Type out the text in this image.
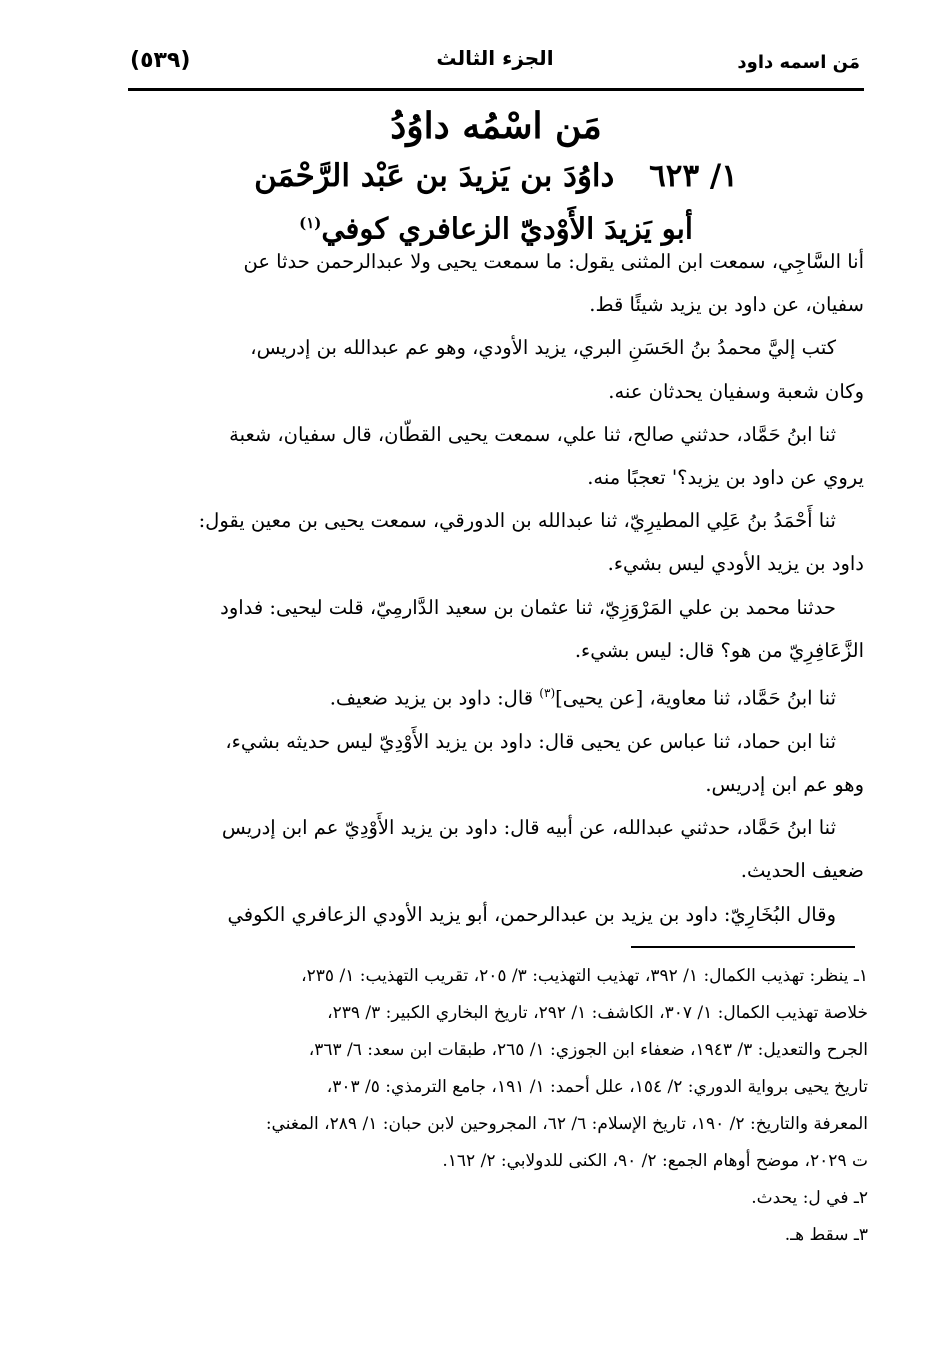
مَن اسمه داود
الجزء الثالث
(٥٣٩)
مَن اسْمُه داوُدُ
١/ ٦٢٣ داوُدَ بن يَزيدَ بن عَبْد الرَّحْمَن
أبو يَزيدَ الأَوْديّ الزعافري كوفي$^{(١)}$

أنا السَّاجِي، سمعت ابن المثنى يقول: ما سمعت يحيى ولا عبدالرحمن حدثا عن
سفيان، عن داود بن يزيد شيئًا قط.

كتب إليَّ محمدُ بنُ الحَسَنِ البري، يزيد الأودي، وهو عم عبدالله بن إدريس،
وكان شعبة وسفيان يحدثان عنه.

ثنا ابنُ حَمَّاد، حدثني صالح، ثنا علي، سمعت يحيى القطّان، قال سفيان، شعبة
يروي عن داود بن يزيد؟' تعجبًا منه.

ثنا أَحْمَدُ بنُ عَلِي المطيرِيّ، ثنا عبدالله بن الدورقي، سمعت يحيى بن معين يقول:
داود بن يزيد الأودي ليس بشيء.

حدثنا محمد بن علي المَرْوَزِيّ، ثنا عثمان بن سعيد الدَّارمِيّ، قلت ليحيى: فداود
الزَّعَافِرِيّ من هو؟ قال: ليس بشيء.

ثنا ابنُ حَمَّاد، ثنا معاوية، [عن يحيى]$^{(٣)}$ قال: داود بن يزيد ضعيف.

ثنا ابن حماد، ثنا عباس عن يحيى قال: داود بن يزيد الأَوْدِيّ ليس حديثه بشيء،
وهو عم ابن إدريس.

ثنا ابنُ حَمَّاد، حدثني عبدالله، عن أبيه قال: داود بن يزيد الأَوْدِيّ عم ابن إدريس
ضعيف الحديث.

وقال البُخَارِيّ: داود بن يزيد بن عبدالرحمن، أبو يزيد الأودي الزعافري الكوفي

١ـ ينظر: تهذيب الكمال: ١/ ٣٩٢، تهذيب التهذيب: ٣/ ٢٠٥، تقريب التهذيب: ١/ ٢٣٥،

خلاصة تهذيب الكمال: ١/ ٣٠٧، الكاشف: ١/ ٢٩٢، تاريخ البخاري الكبير: ٣/ ٢٣٩،

الجرح والتعديل: ٣/ ١٩٤٣، ضعفاء ابن الجوزي: ١/ ٢٦٥، طبقات ابن سعد: ٦/ ٣٦٣،

تاريخ يحيى برواية الدوري: ٢/ ١٥٤، علل أحمد: ١/ ١٩١، جامع الترمذي: ٥/ ٣٠٣،

المعرفة والتاريخ: ٢/ ١٩٠، تاريخ الإسلام: ٦/ ٦٢، المجروحين لابن حبان: ١/ ٢٨٩، المغني:

ت ٢٠٢٩، موضح أوهام الجمع: ٢/ ٩٠، الكنى للدولابي: ٢/ ١٦٢.

٢ـ في ل: يحدث.

٣ـ سقط هـ.
